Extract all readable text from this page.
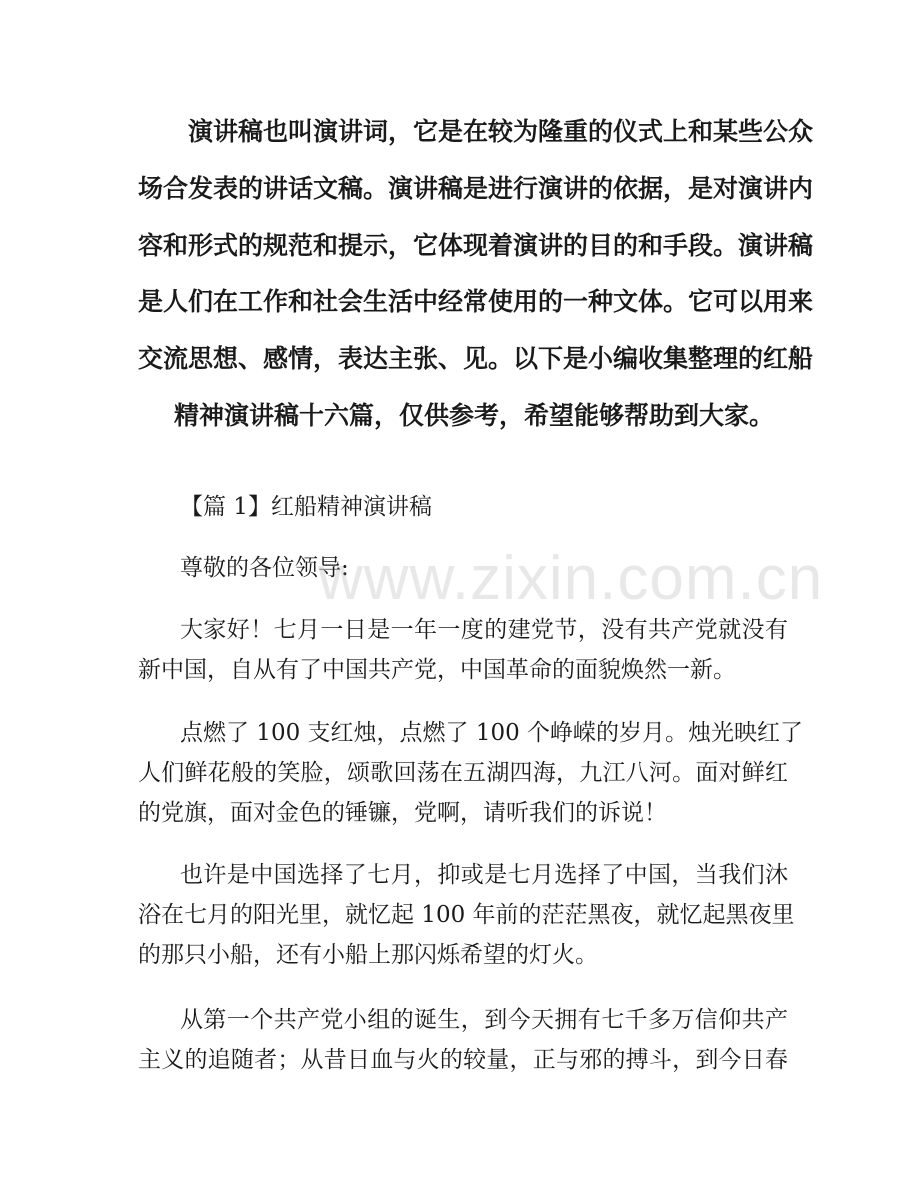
演讲稿也叫演讲词，它是在较为隆重的仪式上和某些公众
场合发表的讲话文稿。演讲稿是进行演讲的依据，是对演讲内
容和形式的规范和提示，它体现着演讲的目的和手段。演讲稿
是人们在工作和社会生活中经常使用的一种文体。它可以用来
交流思想、感情，表达主张、见。以下是小编收集整理的红船
精神演讲稿十六篇，仅供参考，希望能够帮助到大家。
【篇 1】红船精神演讲稿
尊敬的各位领导:
大家好！七月一日是一年一度的建党节，没有共产党就没有
新中国，自从有了中国共产党，中国革命的面貌焕然一新。
点燃了 100 支红烛，点燃了 100 个峥嵘的岁月。烛光映红了
人们鲜花般的笑脸，颂歌回荡在五湖四海，九江八河。面对鲜红
的党旗，面对金色的锤镰，党啊，请听我们的诉说！
也许是中国选择了七月，抑或是七月选择了中国，当我们沐
浴在七月的阳光里，就忆起 100 年前的茫茫黑夜，就忆起黑夜里
的那只小船，还有小船上那闪烁希望的灯火。
从第一个共产党小组的诞生，到今天拥有七千多万信仰共产
主义的追随者；从昔日血与火的较量，正与邪的搏斗，到今日春
www.zixin.com.cn
